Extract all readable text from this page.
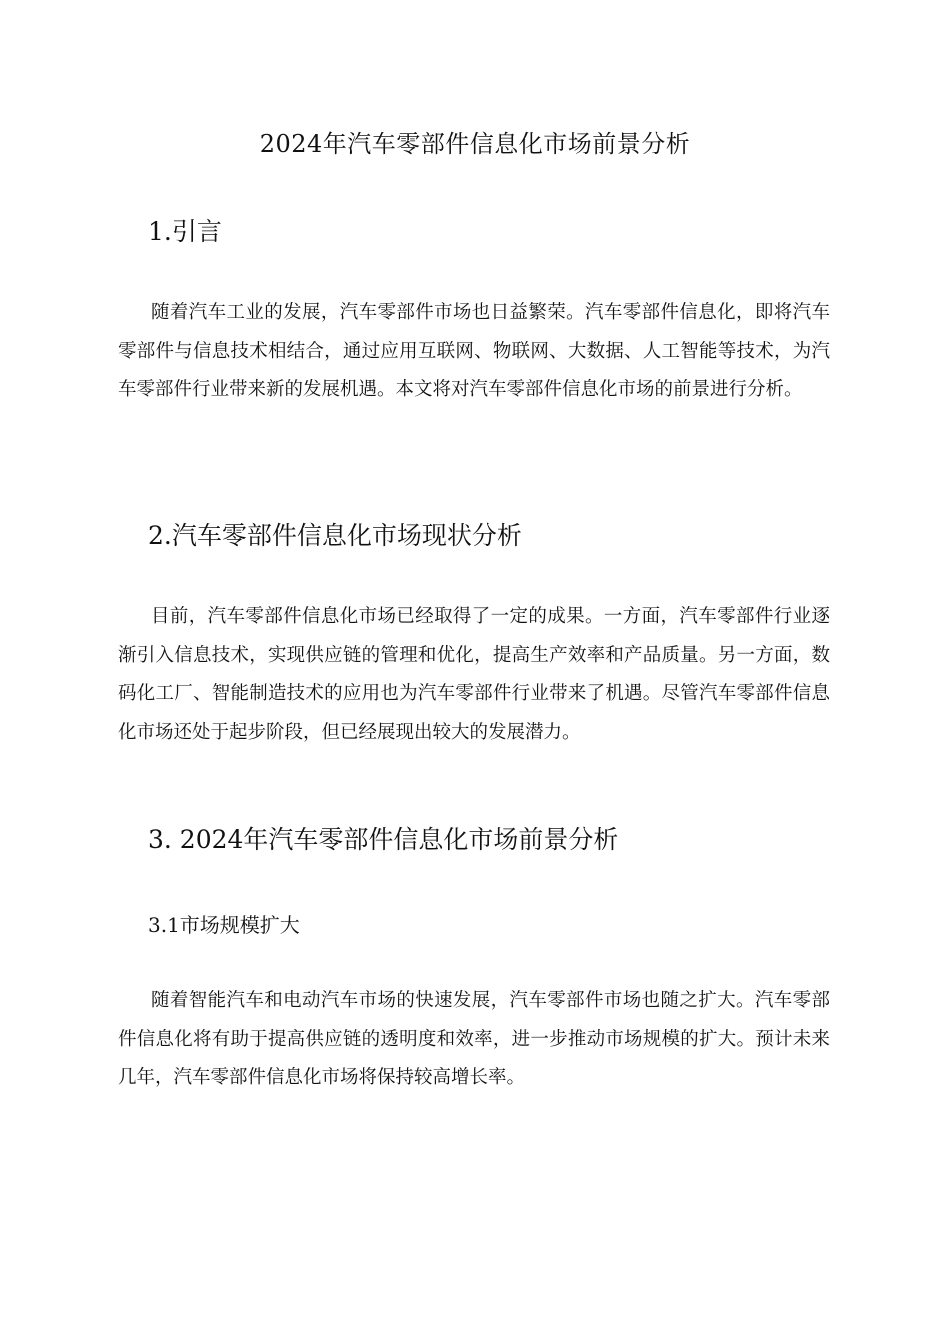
2024年汽车零部件信息化市场前景分析
1.引言

随着汽车工业的发展，汽车零部件市场也日益繁荣。汽车零部件信息化，即将汽车零部件与信息技术相结合，通过应用互联网、物联网、大数据、人工智能等技术，为汽车零部件行业带来新的发展机遇。本文将对汽车零部件信息化市场的前景进行分析。

2.汽车零部件信息化市场现状分析

目前，汽车零部件信息化市场已经取得了一定的成果。一方面，汽车零部件行业逐渐引入信息技术，实现供应链的管理和优化，提高生产效率和产品质量。另一方面，数码化工厂、智能制造技术的应用也为汽车零部件行业带来了机遇。尽管汽车零部件信息化市场还处于起步阶段，但已经展现出较大的发展潜力。

3. 2024年汽车零部件信息化市场前景分析
3.1市场规模扩大

随着智能汽车和电动汽车市场的快速发展，汽车零部件市场也随之扩大。汽车零部件信息化将有助于提高供应链的透明度和效率，进一步推动市场规模的扩大。预计未来几年，汽车零部件信息化市场将保持较高增长率。
